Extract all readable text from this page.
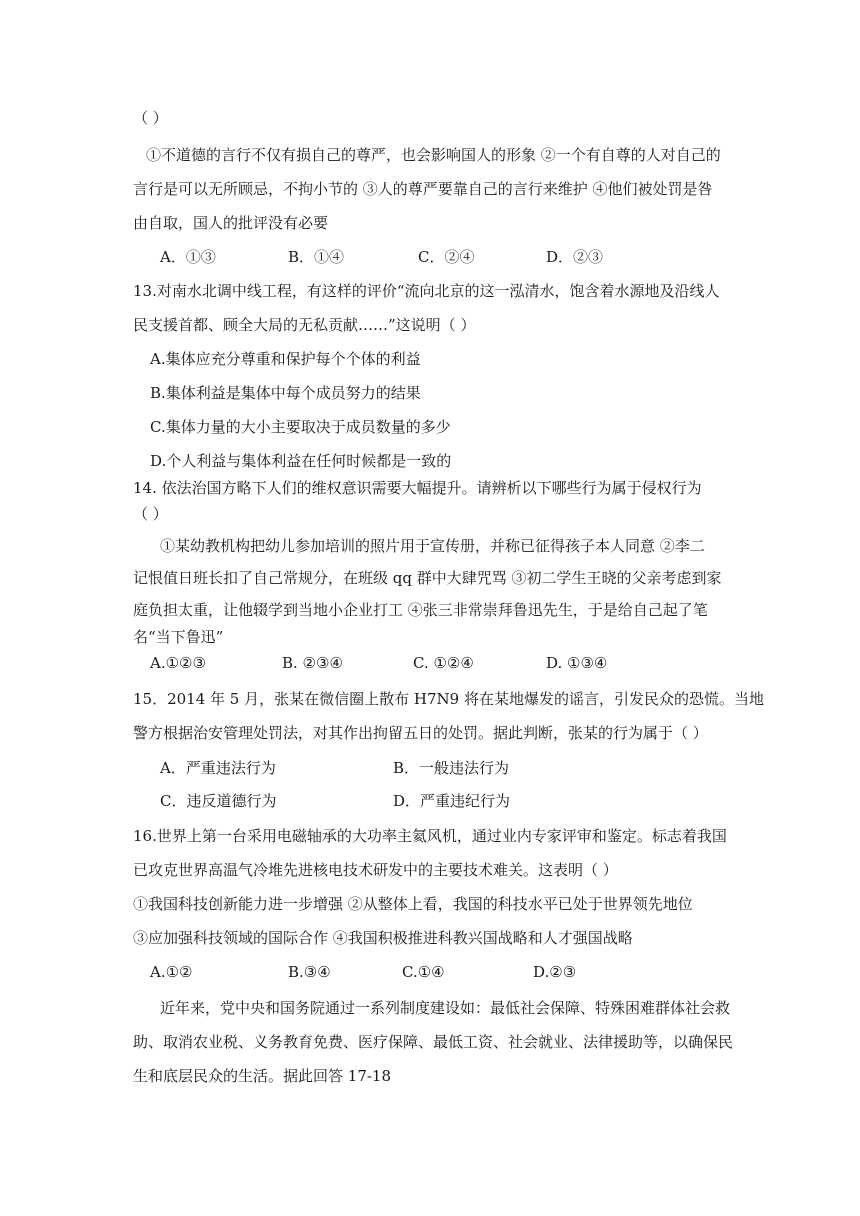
（ ）
①不道德的言行不仅有损自己的尊严，也会影响国人的形象 ②一个有自尊的人对自己的
言行是可以无所顾忌，不拘小节的 ③人的尊严要靠自己的言行来维护 ④他们被处罚是咎
由自取，国人的批评没有必要
A．①③	B．①④	C．②④	D．②③
13.对南水北调中线工程，有这样的评价“流向北京的这一泓清水，饱含着水源地及沿线人
民支援首都、顾全大局的无私贡献……”这说明（ ）
A.集体应充分尊重和保护每个个体的利益
B.集体利益是集体中每个成员努力的结果
C.集体力量的大小主要取决于成员数量的多少
D.个人利益与集体利益在任何时候都是一致的
14. 依法治国方略下人们的维权意识需要大幅提升。请辨析以下哪些行为属于侵权行为
（ ）
①某幼教机构把幼儿参加培训的照片用于宣传册，并称已征得孩子本人同意 ②李二
记恨值日班长扣了自己常规分，在班级 qq 群中大肆咒骂 ③初二学生王晓的父亲考虑到家
庭负担太重，让他辍学到当地小企业打工 ④张三非常崇拜鲁迅先生，于是给自己起了笔
名“当下鲁迅”
A.①②③	B. ②③④	C. ①②④	D. ①③④
15．2014 年 5 月，张某在微信圈上散布 H7N9 将在某地爆发的谣言，引发民众的恐慌。当地
警方根据治安管理处罚法，对其作出拘留五日的处罚。据此判断，张某的行为属于（ ）
A．严重违法行为	B．一般违法行为
C．违反道德行为	D．严重违纪行为
16.世界上第一台采用电磁轴承的大功率主氦风机，通过业内专家评审和鉴定。标志着我国
已攻克世界高温气冷堆先进核电技术研发中的主要技术难关。这表明（ ）
①我国科技创新能力进一步增强 ②从整体上看，我国的科技水平已处于世界领先地位
③应加强科技领域的国际合作 ④我国积极推进科教兴国战略和人才强国战略
A.①②	B.③④	C.①④	D.②③
近年来，党中央和国务院通过一系列制度建设如：最低社会保障、特殊困难群体社会救
助、取消农业税、义务教育免费、医疗保障、最低工资、社会就业、法律援助等，以确保民
生和底层民众的生活。据此回答 17-18
